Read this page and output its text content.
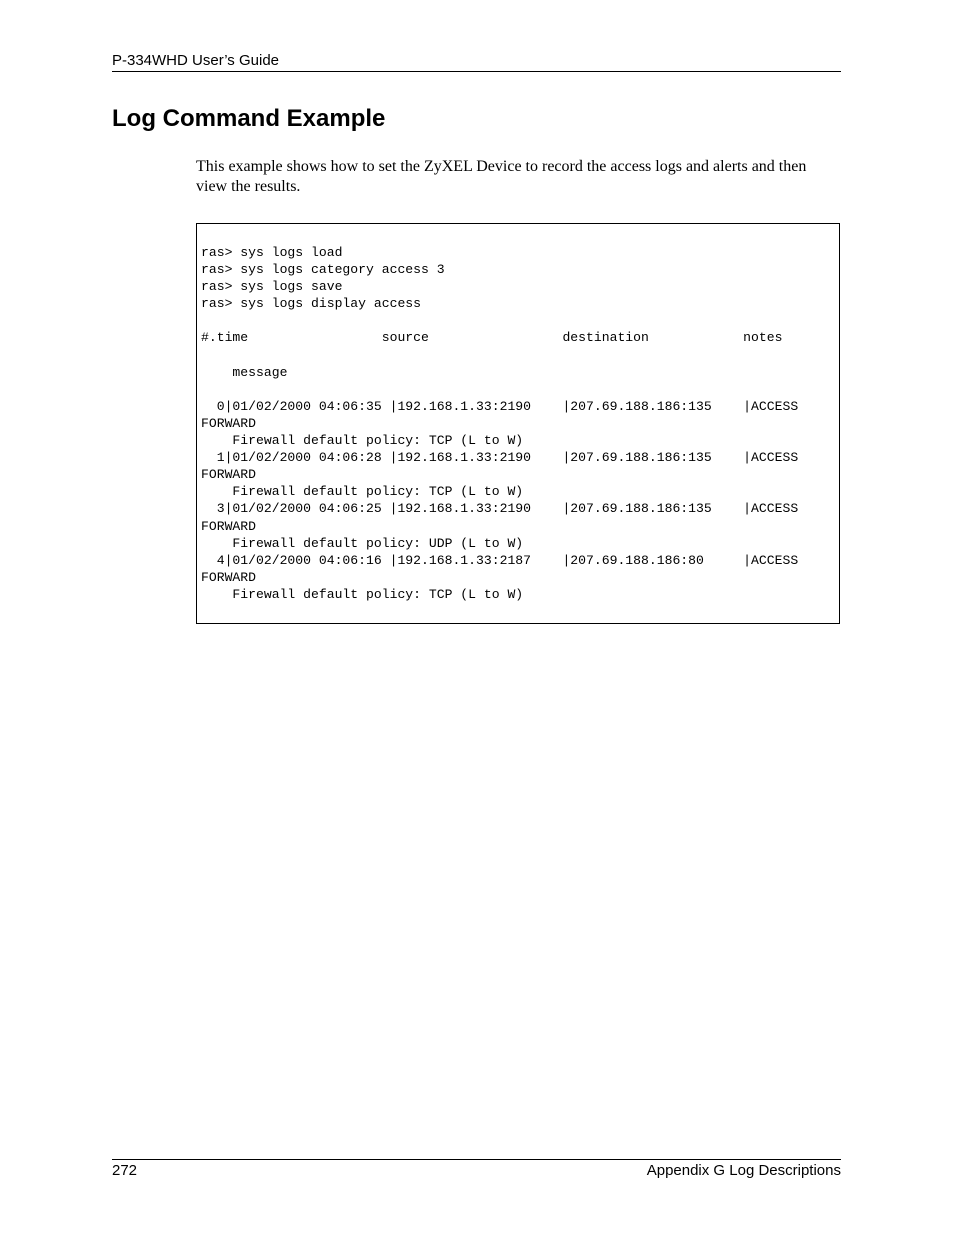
P-334WHD User’s Guide
Log Command Example

This example shows how to set the ZyXEL Device to record the access logs and alerts and then view the results.

ras> sys logs load
ras> sys logs category access 3
ras> sys logs save
ras> sys logs display access

#.time                 source                 destination            notes

message

0|01/02/2000 04:06:35 |192.168.1.33:2190    |207.69.188.186:135    |ACCESS
FORWARD
Firewall default policy: TCP (L to W)
1|01/02/2000 04:06:28 |192.168.1.33:2190    |207.69.188.186:135    |ACCESS
FORWARD
Firewall default policy: TCP (L to W)
3|01/02/2000 04:06:25 |192.168.1.33:2190    |207.69.188.186:135    |ACCESS
FORWARD
Firewall default policy: UDP (L to W)
4|01/02/2000 04:06:16 |192.168.1.33:2187    |207.69.188.186:80     |ACCESS
FORWARD
Firewall default policy: TCP (L to W)
272	Appendix G Log Descriptions
